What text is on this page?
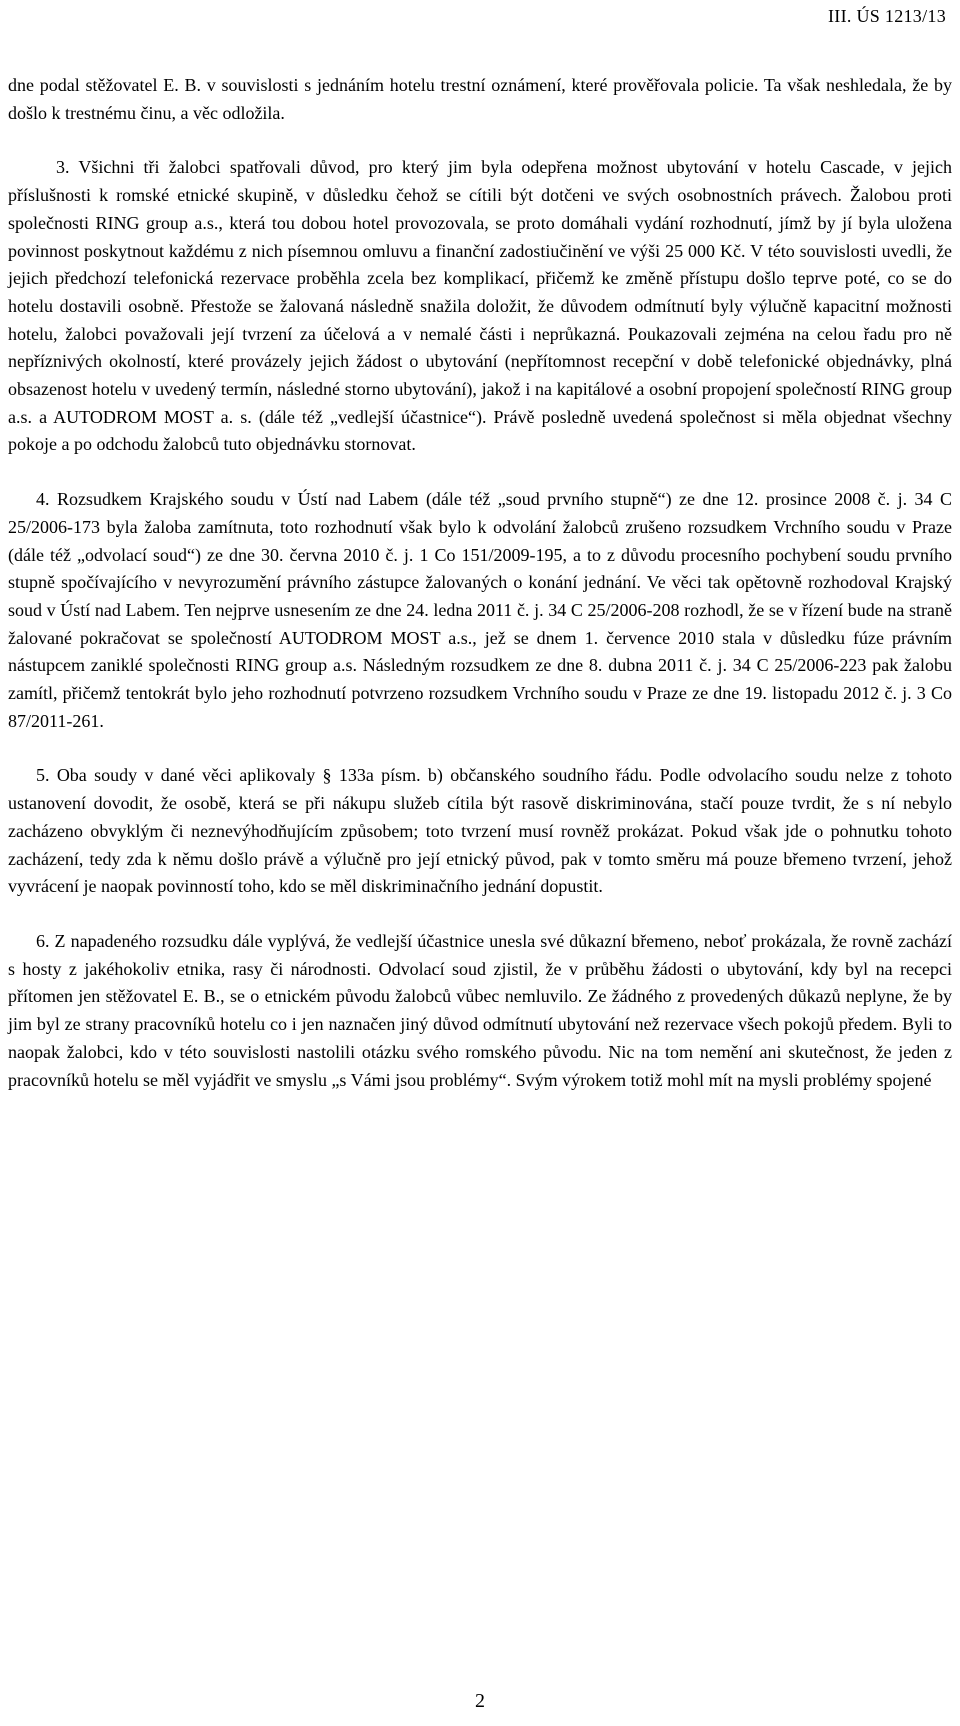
III. ÚS 1213/13

dne podal stěžovatel E. B. v souvislosti s jednáním hotelu trestní oznámení, které prověřovala policie. Ta však neshledala, že by došlo k trestnému činu, a věc odložila.

3. Všichni tři žalobci spatřovali důvod, pro který jim byla odepřena možnost ubytování v hotelu Cascade, v jejich příslušnosti k romské etnické skupině, v důsledku čehož se cítili být dotčeni ve svých osobnostních právech. Žalobou proti společnosti RING group a.s., která tou dobou hotel provozovala, se proto domáhali vydání rozhodnutí, jímž by jí byla uložena povinnost poskytnout každému z nich písemnou omluvu a finanční zadostiučinění ve výši 25 000 Kč. V této souvislosti uvedli, že jejich předchozí telefonická rezervace proběhla zcela bez komplikací, přičemž ke změně přístupu došlo teprve poté, co se do hotelu dostavili osobně. Přestože se žalovaná následně snažila doložit, že důvodem odmítnutí byly výlučně kapacitní možnosti hotelu, žalobci považovali její tvrzení za účelová a v nemalé části i neprůkazná. Poukazovali zejména na celou řadu pro ně nepříznivých okolností, které provázely jejich žádost o ubytování (nepřítomnost recepční v době telefonické objednávky, plná obsazenost hotelu v uvedený termín, následné storno ubytování), jakož i na kapitálové a osobní propojení společností RING group a.s. a AUTODROM MOST a. s. (dále též „vedlejší účastnice“). Právě posledně uvedená společnost si měla objednat všechny pokoje a po odchodu žalobců tuto objednávku stornovat.

4. Rozsudkem Krajského soudu v Ústí nad Labem (dále též „soud prvního stupně“) ze dne 12. prosince 2008 č. j. 34 C 25/2006-173 byla žaloba zamítnuta, toto rozhodnutí však bylo k odvolání žalobců zrušeno rozsudkem Vrchního soudu v Praze (dále též „odvolací soud“) ze dne 30. června 2010 č. j. 1 Co 151/2009-195, a to z důvodu procesního pochybení soudu prvního stupně spočívajícího v nevyrozumění právního zástupce žalovaných o konání jednání. Ve věci tak opětovně rozhodoval Krajský soud v Ústí nad Labem. Ten nejprve usnesením ze dne 24. ledna 2011 č. j. 34 C 25/2006-208 rozhodl, že se v řízení bude na straně žalované pokračovat se společností AUTODROM MOST a.s., jež se dnem 1. července 2010 stala v důsledku fúze právním nástupcem zaniklé společnosti RING group a.s. Následným rozsudkem ze dne 8. dubna 2011 č. j. 34 C 25/2006-223 pak žalobu zamítl, přičemž tentokrát bylo jeho rozhodnutí potvrzeno rozsudkem Vrchního soudu v Praze ze dne 19. listopadu 2012 č. j. 3 Co 87/2011-261.

5. Oba soudy v dané věci aplikovaly § 133a písm. b) občanského soudního řádu. Podle odvolacího soudu nelze z tohoto ustanovení dovodit, že osobě, která se při nákupu služeb cítila být rasově diskriminována, stačí pouze tvrdit, že s ní nebylo zacházeno obvyklým či neznevýhodňujícím způsobem; toto tvrzení musí rovněž prokázat. Pokud však jde o pohnutku tohoto zacházení, tedy zda k němu došlo právě a výlučně pro její etnický původ, pak v tomto směru má pouze břemeno tvrzení, jehož vyvrácení je naopak povinností toho, kdo se měl diskriminačního jednání dopustit.

6. Z napadeného rozsudku dále vyplývá, že vedlejší účastnice unesla své důkazní břemeno, neboť prokázala, že rovně zachází s hosty z jakéhokoliv etnika, rasy či národnosti. Odvolací soud zjistil, že v průběhu žádosti o ubytování, kdy byl na recepci přítomen jen stěžovatel E. B., se o etnickém původu žalobců vůbec nemluvilo. Ze žádného z provedených důkazů neplyne, že by jim byl ze strany pracovníků hotelu co i jen naznačen jiný důvod odmítnutí ubytování než rezervace všech pokojů předem. Byli to naopak žalobci, kdo v této souvislosti nastolili otázku svého romského původu. Nic na tom nemění ani skutečnost, že jeden z pracovníků hotelu se měl vyjádřit ve smyslu „s Vámi jsou problémy“. Svým výrokem totiž mohl mít na mysli problémy spojené

2
